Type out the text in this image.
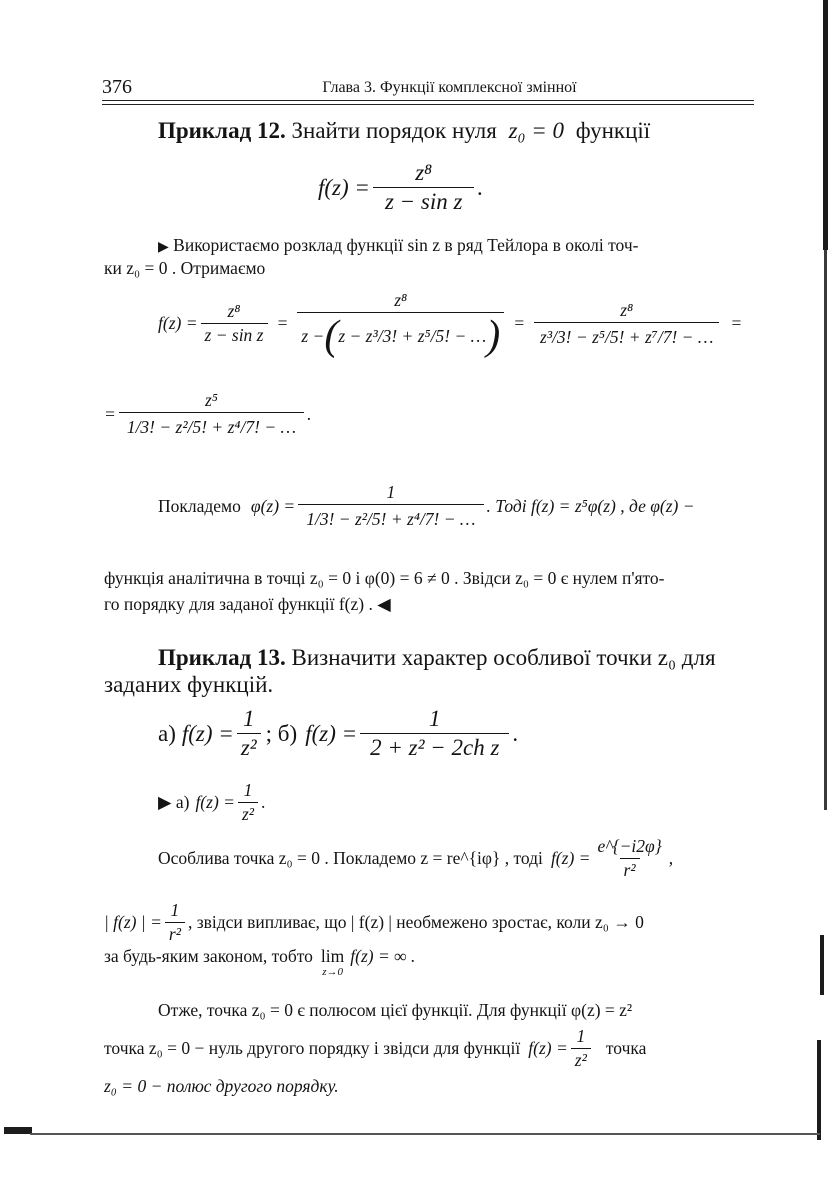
376	Глава 3. Функції комплексної змінної
Приклад 12. Знайти порядок нуля z₀ = 0 функції
$f(z) = \frac{\text{z⁸}}{\text{z − sin z}}$ .
▶ Використаємо розклад функції sin z в ряд Тейлора в околі точ-
ки z₀ = 0 . Отримаємо
$f(z) = \frac{\text{z⁸}}{\text{z − sin z}} = \frac{\text{z⁸}}{\text{z − ( z − z³/3! + z⁵/5! − … )}} = \frac{\text{z⁸}}{\text{z³/3! − z⁵/5! + z⁷/7! − …}}$ =
= $\frac{\text{z⁵}}{\text{1/3! − z²/5! + z⁴/7! − …}}$ .
Покладемо $\varphi(z) = \frac{1}{\text{1/3! − z²/5! + z⁴/7! − …}}$ . Тоді f(z) = z⁵φ(z) , де φ(z) −
функція аналітична в точці z₀ = 0 і φ(0) = 6 ≠ 0 . Звідси z₀ = 0 є нулем п'ято-
го порядку для заданої функції f(z) . ◀
Приклад 13. Визначити характер особливої точки z₀ для
заданих функцій.
а) $f(z) = \frac{1}{\text{z²}}$ ; б) $f(z) = \frac{1}{\text{2 + z² − 2ch z}}$ .
▶ а) $f(z) = \frac{1}{\text{z²}}$ .
Особлива точка z₀ = 0 . Покладемо z = re^{iφ} , тоді $f(z) = \frac{e\^{}\{-i2\varphi\}}{\text{r²}}$ ,
| f(z) | = $\frac{1}{\text{r²}}$ , звідси випливає, що | f(z) | необмежено зростає, коли z₀ → 0
за будь-яким законом, тобто lim
z→0
f(z) = ∞ .
Отже, точка z₀ = 0 є полюсом цієї функції. Для функції φ(z) = z²
точка z₀ = 0 − нуль другого порядку і звідси для функції $f(z) = \frac{1}{\text{z²}}$ точка
z₀ = 0 − полюс другого порядку.
